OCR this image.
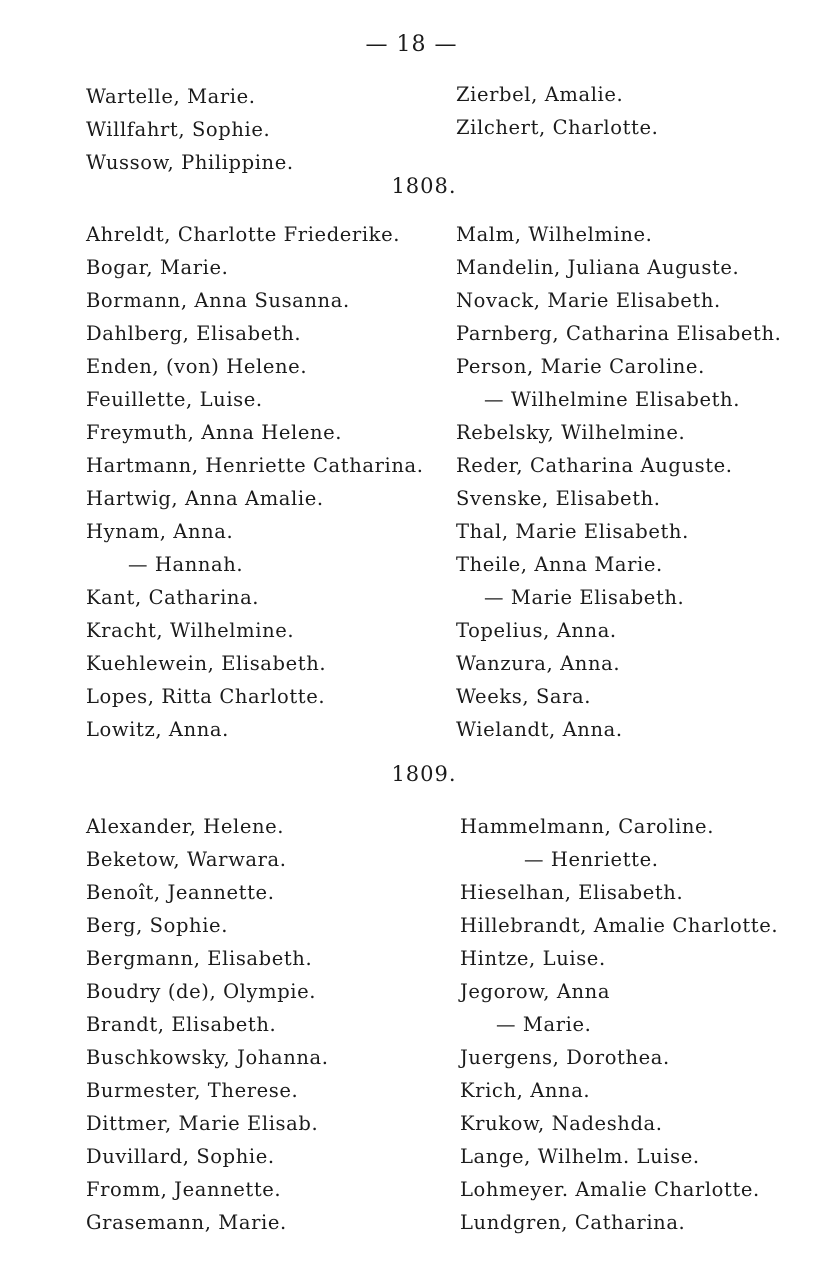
— 18 —
Wartelle, Marie.
Willfahrt, Sophie.
Wussow, Philippine.
Zierbel, Amalie.
Zilchert, Charlotte.
1808.
Ahreldt, Charlotte Friederike.
Bogar, Marie.
Bormann, Anna Susanna.
Dahlberg, Elisabeth.
Enden, (von) Helene.
Feuillette, Luise.
Freymuth, Anna Helene.
Hartmann, Henriette Catharina.
Hartwig, Anna Amalie.
Hynam, Anna.
— Hannah.
Kant, Catharina.
Kracht, Wilhelmine.
Kuehlewein, Elisabeth.
Lopes, Ritta Charlotte.
Lowitz, Anna.
Malm, Wilhelmine.
Mandelin, Juliana Auguste.
Novack, Marie Elisabeth.
Parnberg, Catharina Elisabeth.
Person, Marie Caroline.
— Wilhelmine Elisabeth.
Rebelsky, Wilhelmine.
Reder, Catharina Auguste.
Svenske, Elisabeth.
Thal, Marie Elisabeth.
Theile, Anna Marie.
— Marie Elisabeth.
Topelius, Anna.
Wanzura, Anna.
Weeks, Sara.
Wielandt, Anna.
1809.
Alexander, Helene.
Beketow, Warwara.
Benoît, Jeannette.
Berg, Sophie.
Bergmann, Elisabeth.
Boudry (de), Olympie.
Brandt, Elisabeth.
Buschkowsky, Johanna.
Burmester, Therese.
Dittmer, Marie Elisab.
Duvillard, Sophie.
Fromm, Jeannette.
Grasemann, Marie.
Hammelmann, Caroline.
— Henriette.
Hieselhan, Elisabeth.
Hillebrandt, Amalie Charlotte.
Hintze, Luise.
Jegorow, Anna
— Marie.
Juergens, Dorothea.
Krich, Anna.
Krukow, Nadeshda.
Lange, Wilhelm. Luise.
Lohmeyer. Amalie Charlotte.
Lundgren, Catharina.
